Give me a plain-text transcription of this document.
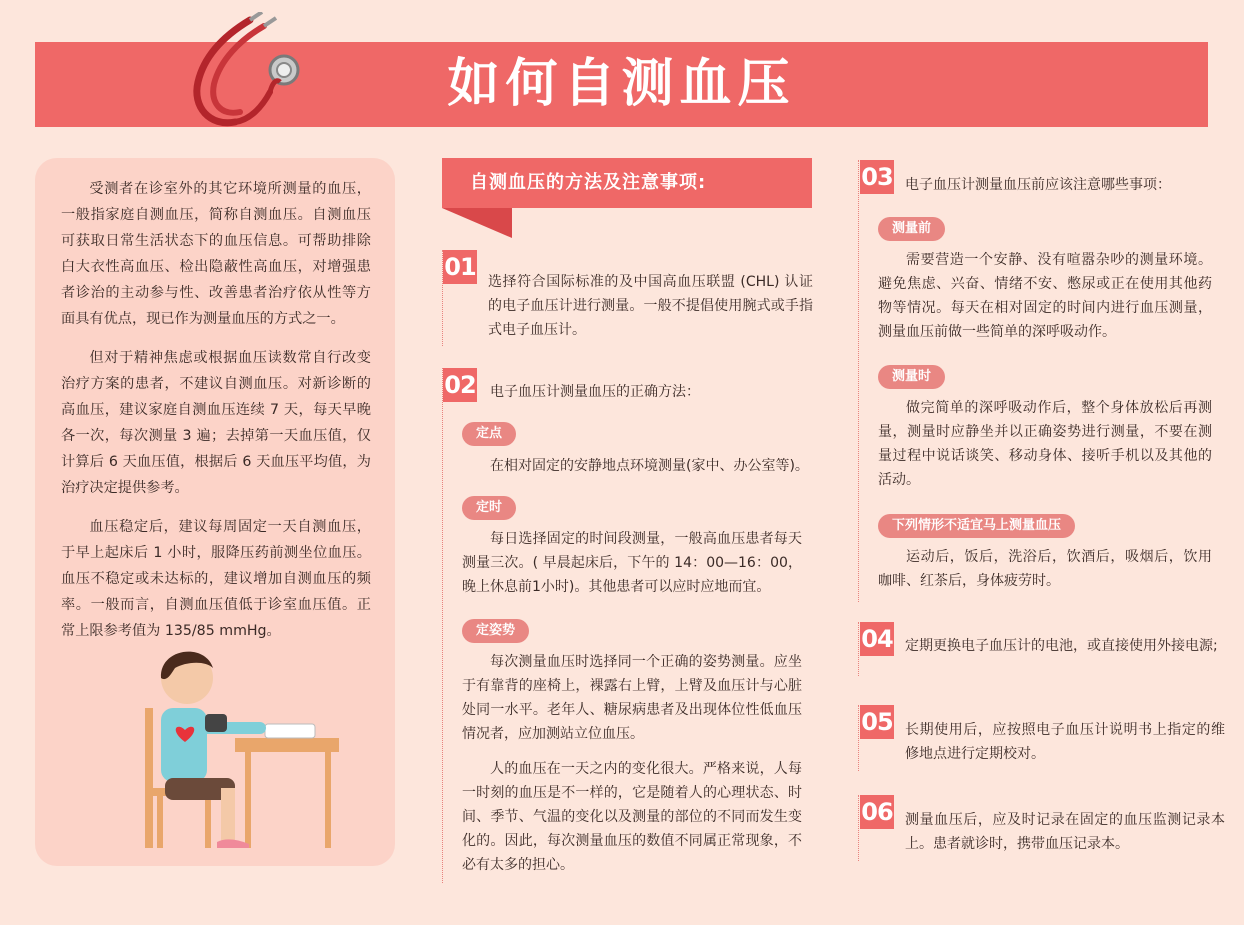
如何自测血压

受测者在诊室外的其它环境所测量的血压，一般指家庭自测血压，简称自测血压。自测血压可获取日常生活状态下的血压信息。可帮助排除白大衣性高血压、检出隐蔽性高血压，对增强患者诊治的主动参与性、改善患者治疗依从性等方面具有优点，现已作为测量血压的方式之一。

但对于精神焦虑或根据血压读数常自行改变治疗方案的患者，不建议自测血压。对新诊断的高血压，建议家庭自测血压连续 7 天，每天早晚各一次，每次测量 3 遍；去掉第一天血压值，仅计算后 6 天血压值，根据后 6 天血压平均值，为治疗决定提供参考。

血压稳定后，建议每周固定一天自测血压，于早上起床后 1 小时，服降压药前测坐位血压。血压不稳定或未达标的，建议增加自测血压的频率。一般而言，自测血压值低于诊室血压值。正常上限参考值为 135/85 mmHg。

自测血压的方法及注意事项:
01
选择符合国际标准的及中国高血压联盟 (CHL) 认证的电子血压计进行测量。一般不提倡使用腕式或手指式电子血压计。
02 电子血压计测量血压的正确方法：
定点
在相对固定的安静地点环境测量(家中、办公室等)。
定时
每日选择固定的时间段测量，一般高血压患者每天测量三次。( 早晨起床后，下午的 14：00—16：00，晚上休息前1小时)。其他患者可以应时应地而宜。
定姿势
每次测量血压时选择同一个正确的姿势测量。应坐于有靠背的座椅上，裸露右上臂，上臂及血压计与心脏处同一水平。老年人、糖尿病患者及出现体位性低血压情况者，应加测站立位血压。
人的血压在一天之内的变化很大。严格来说，人每一时刻的血压是不一样的，它是随着人的心理状态、时间、季节、气温的变化以及测量的部位的不同而发生变化的。因此，每次测量血压的数值不同属正常现象，不必有太多的担心。
03 电子血压计测量血压前应该注意哪些事项：
测量前
需要营造一个安静、没有喧嚣杂吵的测量环境。避免焦虑、兴奋、情绪不安、憋尿或正在使用其他药物等情况。每天在相对固定的时间内进行血压测量，测量血压前做一些简单的深呼吸动作。
测量时
做完简单的深呼吸动作后，整个身体放松后再测量，测量时应静坐并以正确姿势进行测量，不要在测量过程中说话谈笑、移动身体、接听手机以及其他的活动。
下列情形不适宜马上测量血压
运动后，饭后，洗浴后，饮酒后，吸烟后，饮用咖啡、红茶后，身体疲劳时。
04 定期更换电子血压计的电池，或直接使用外接电源;
05 长期使用后，应按照电子血压计说明书上指定的维修地点进行定期校对。
06 测量血压后，应及时记录在固定的血压监测记录本上。患者就诊时，携带血压记录本。
